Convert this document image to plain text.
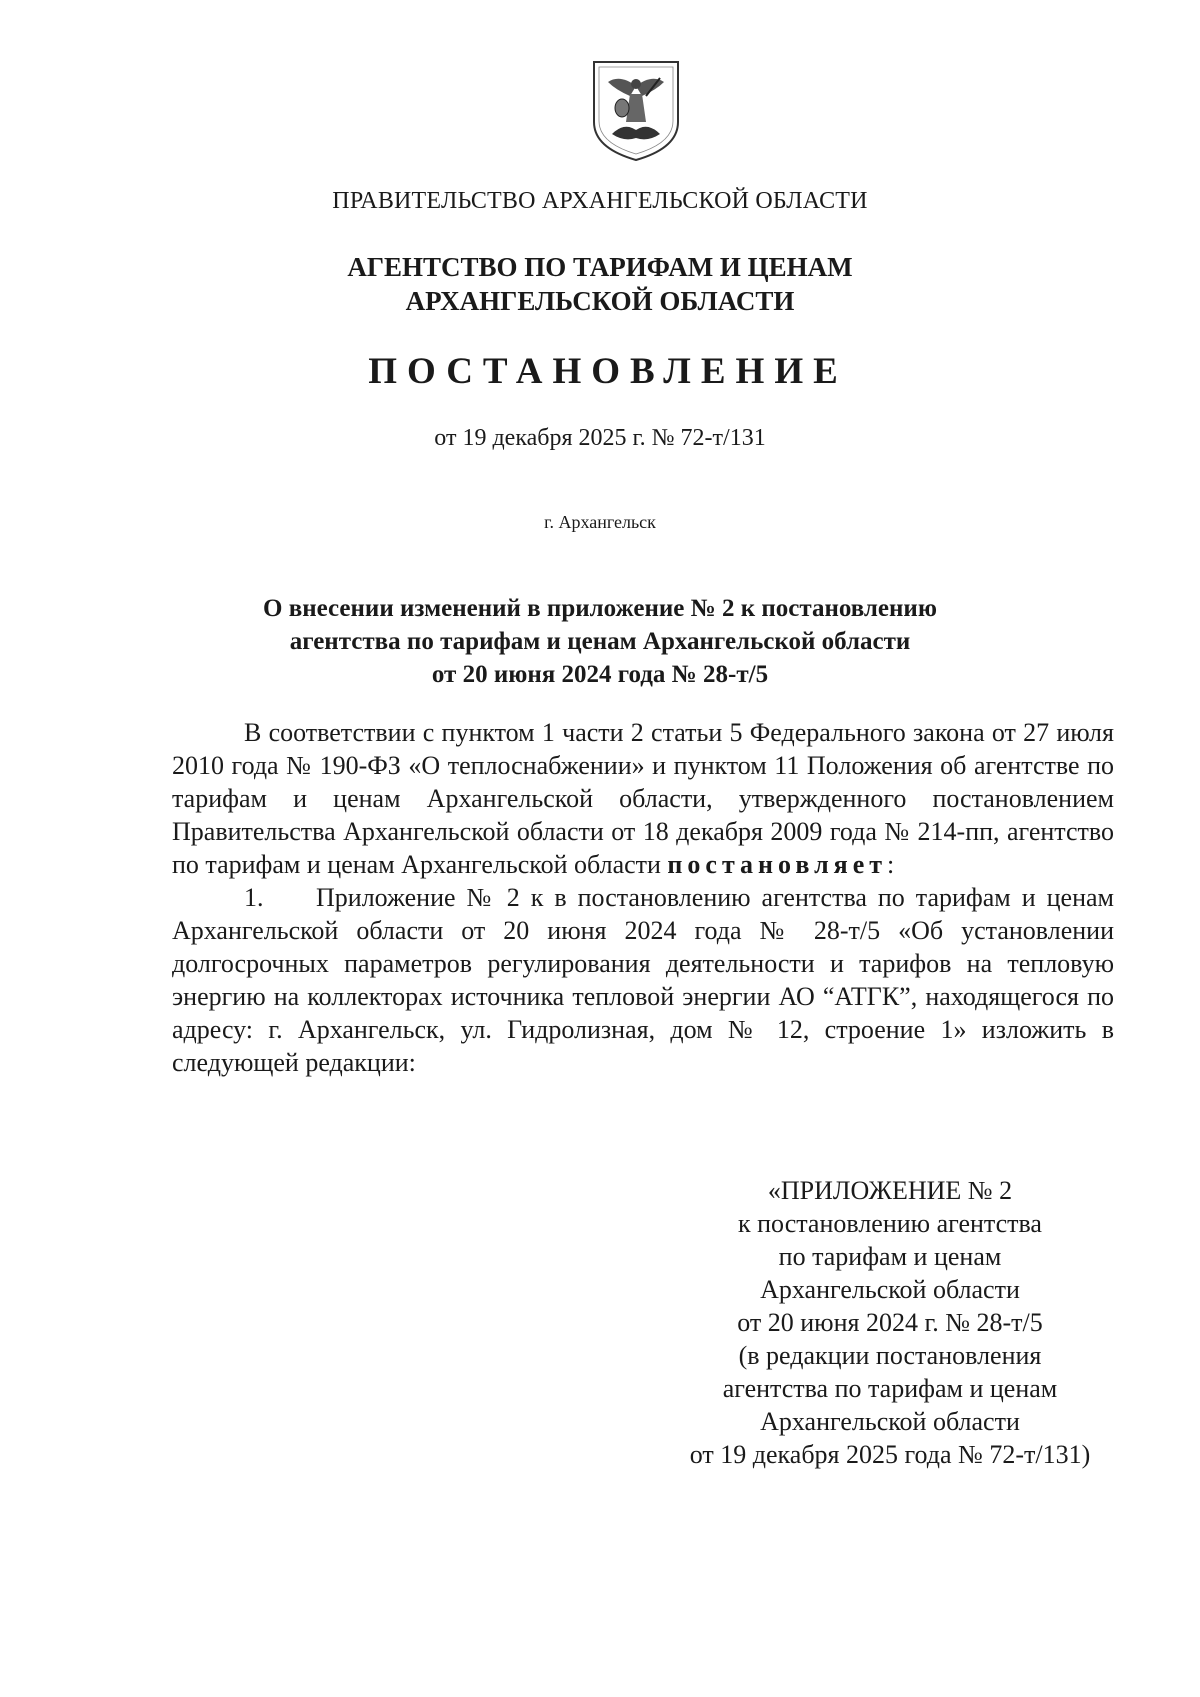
ПРАВИТЕЛЬСТВО АРХАНГЕЛЬСКОЙ ОБЛАСТИ
АГЕНТСТВО ПО ТАРИФАМ И ЦЕНАМ
АРХАНГЕЛЬСКОЙ ОБЛАСТИ
ПОСТАНОВЛЕНИЕ
от 19 декабря 2025 г. № 72-т/131
г. Архангельск
О внесении изменений в приложение № 2 к постановлению
агентства по тарифам и ценам Архангельской области
от 20 июня 2024 года № 28-т/5

В соответствии с пунктом 1 части 2 статьи 5 Федерального закона от 27 июля 2010 года № 190-ФЗ «О теплоснабжении» и пунктом 11 Положения об агентстве по тарифам и ценам Архангельской области, утвержденного постановлением Правительства Архангельской области от 18 декабря 2009 года № 214-пп, агентство по тарифам и ценам Архангельской области постановляет:

1. Приложение № 2 к в постановлению агентства по тарифам и ценам Архангельской области от 20 июня 2024 года № 28-т/5 «Об установлении долгосрочных параметров регулирования деятельности и тарифов на тепловую энергию на коллекторах источника тепловой энергии АО “АТГК”, находящегося по адресу: г. Архангельск, ул. Гидролизная, дом № 12, строение 1» изложить в следующей редакции:

«ПРИЛОЖЕНИЕ № 2
к постановлению агентства
по тарифам и ценам
Архангельской области
от 20 июня 2024 г. № 28-т/5
(в редакции постановления
агентства по тарифам и ценам
Архангельской области
от 19 декабря 2025 года № 72-т/131)
